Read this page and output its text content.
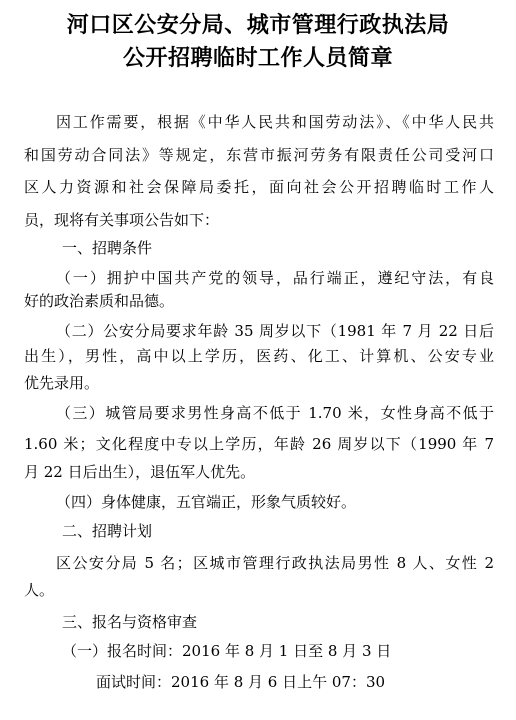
河口区公安分局、城市管理行政执法局
公开招聘临时工作人员简章
因工作需要，根据《中华人民共和国劳动法》、《中华人民共
和国劳动合同法》等规定，东营市振河劳务有限责任公司受河口
区人力资源和社会保障局委托，面向社会公开招聘临时工作人
员，现将有关事项公告如下：
一、招聘条件
（一）拥护中国共产党的领导，品行端正，遵纪守法，有良
好的政治素质和品德。
（二）公安分局要求年龄 35 周岁以下（1981 年 7 月 22 日后
出生），男性，高中以上学历，医药、化工、计算机、公安专业
优先录用。
（三）城管局要求男性身高不低于 1.70 米，女性身高不低于
1.60 米；文化程度中专以上学历，年龄 26 周岁以下（1990 年 7
月 22 日后出生），退伍军人优先。
（四）身体健康，五官端正，形象气质较好。
二、招聘计划
区公安分局 5 名；区城市管理行政执法局男性 8 人、女性 2
人。
三、报名与资格审查
（一）报名时间：2016 年 8 月 1 日至 8 月 3 日
面试时间：2016 年 8 月 6 日上午 07：30
